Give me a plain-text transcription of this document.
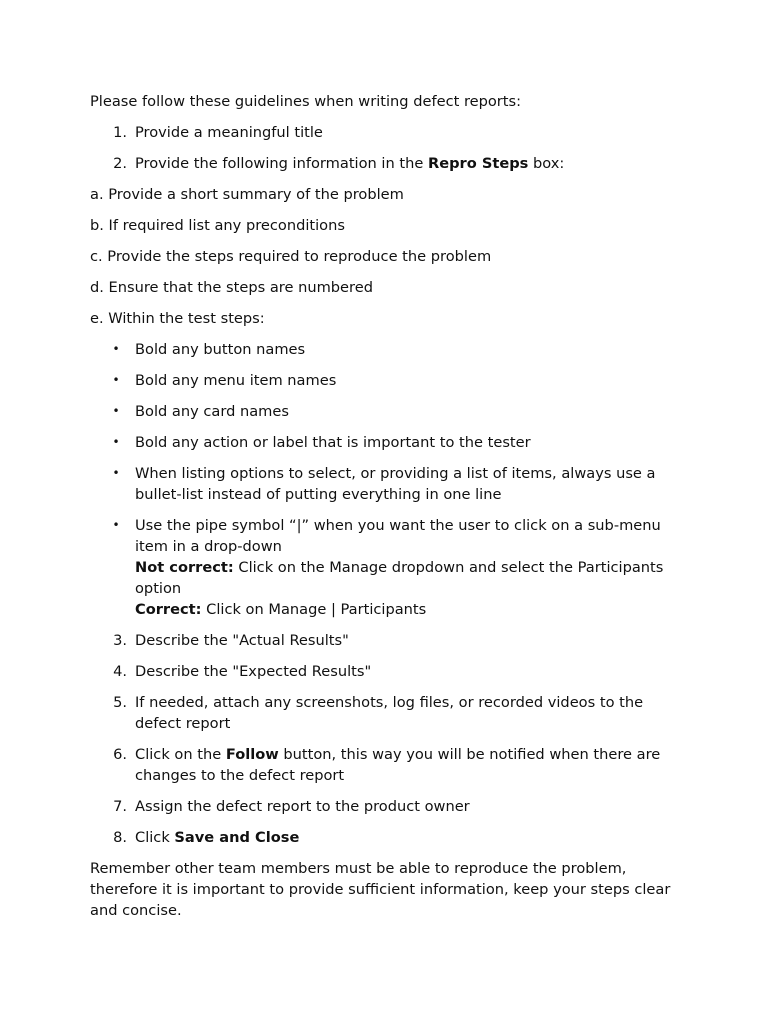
Please follow these guidelines when writing defect reports:

1. Provide a meaningful title
2. Provide the following information in the Repro Steps box:

a. Provide a short summary of the problem

b. If required list any preconditions

c. Provide the steps required to reproduce the problem

d. Ensure that the steps are numbered

e. Within the test steps:

• Bold any button names
• Bold any menu item names
• Bold any card names
• Bold any action or label that is important to the tester
• When listing options to select, or providing a list of items, always use a bullet-list instead of putting everything in one line
• Use the pipe symbol “|” when you want the user to click on a sub-menu item in a drop-down
Not correct: Click on the Manage dropdown and select the Participants option
Correct: Click on Manage | Participants
3. Describe the "Actual Results"
4. Describe the "Expected Results"
5. If needed, attach any screenshots, log files, or recorded videos to the defect report
6. Click on the Follow button, this way you will be notified when there are changes to the defect report
7. Assign the defect report to the product owner
8. Click Save and Close

Remember other team members must be able to reproduce the problem, therefore it is important to provide sufficient information, keep your steps clear and concise.
